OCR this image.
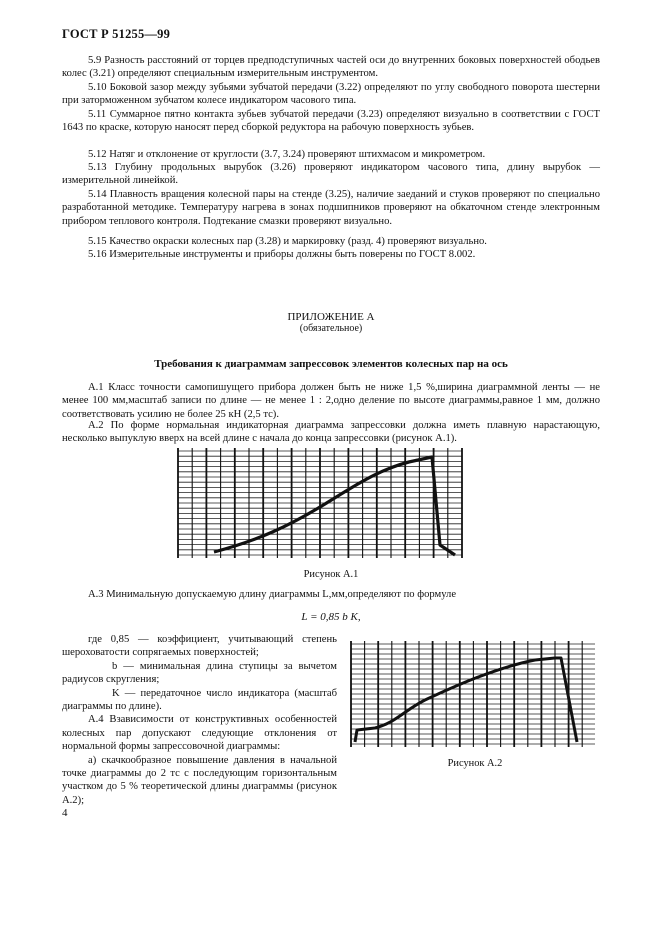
ГОСТ Р 51255—99
5.9 Разность расстояний от торцев предподступичных частей оси до внутренних боковых поверхностей ободьев колес (3.21) определяют специальным измерительным инструментом.
5.10 Боковой зазор между зубьями зубчатой передачи (3.22) определяют по углу свободного поворота шестерни при заторможенном зубчатом колесе индикатором часового типа.
5.11 Суммарное пятно контакта зубьев зубчатой передачи (3.23) определяют визуально в соответствии с ГОСТ 1643 по краске, которую наносят перед сборкой редуктора на рабочую поверхность зубьев.
5.12 Натяг и отклонение от круглости (3.7, 3.24) проверяют штихмасом и микрометром.
5.13 Глубину продольных вырубок (3.26) проверяют индикатором часового типа, длину вырубок — измерительной линейкой.
5.14 Плавность вращения колесной пары на стенде (3.25), наличие заеданий и стуков проверяют по специально разработанной методике. Температуру нагрева в зонах подшипников проверяют на обкаточном стенде электронным прибором теплового контроля. Подтекание смазки проверяют визуально.
5.15 Качество окраски колесных пар (3.28) и маркировку (разд. 4) проверяют визуально.
5.16 Измерительные инструменты и приборы должны быть поверены по ГОСТ 8.002.
ПРИЛОЖЕНИЕ А
(обязательное)
Требования к диаграммам запрессовок элементов колесных пар на ось
А.1 Класс точности самопишущего прибора должен быть не ниже 1,5 %,ширина диаграммной ленты — не менее 100 мм,масштаб записи по длине — не менее 1 : 2,одно деление по высоте диаграммы,равное 1 мм, должно соответствовать усилию не более 25 кН (2,5 тс).
А.2 По форме нормальная индикаторная диаграмма запрессовки должна иметь плавную нарастающую, несколько выпуклую вверх на всей длине с начала до конца запрессовки (рисунок А.1).
Рисунок А.1
А.3 Минимальную допускаемую длину диаграммы L,мм,определяют по формуле
L = 0,85 b K,

где 0,85 — коэффициент, учитывающий степень шероховатости сопрягаемых поверхностей;

b — минимальная длина ступицы за вычетом радиусов скругления;

K — передаточное число индикатора (масштаб диаграммы по длине).

А.4 Взависимости от конструктивных особенностей колесных пар допускают следующие отклонения от нормальной формы запрессовочной диаграммы:

а) скачкообразное повышение давления в начальной точке диаграммы до 2 тс с последующим горизонтальным участком до 5 % теоретической длины диаграммы (рисунок А.2);

Рисунок А.2
4
